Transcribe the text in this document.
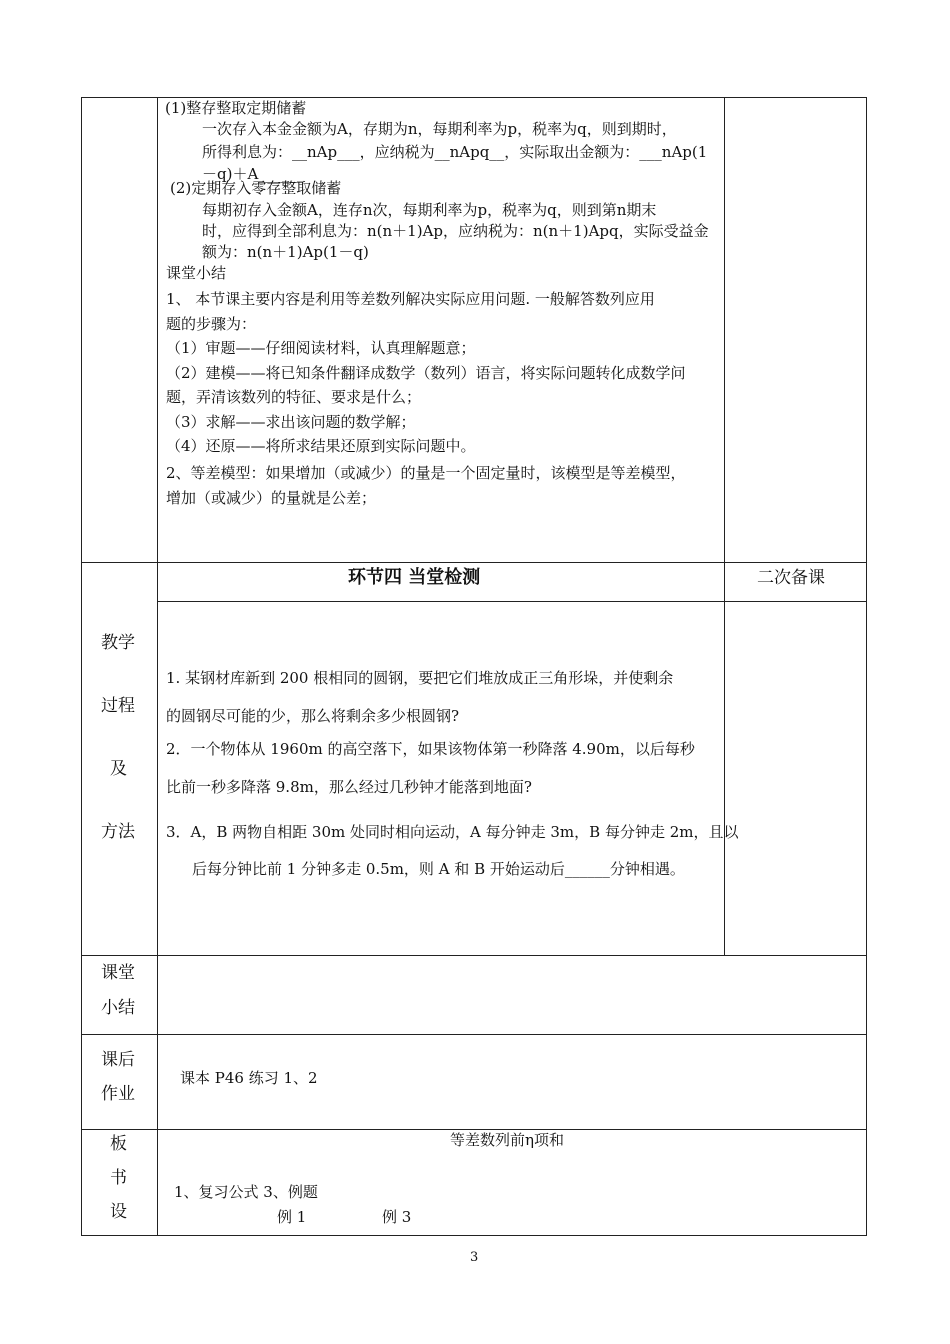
(1)整存整取定期储蓄
一次存入本金金额为A，存期为n，每期利率为p，税率为q，则到期时，
所得利息为：__nAp___，应纳税为__nApq__，实际取出金额为：___nAp(1
－q)＋A______
(2)定期存入零存整取储蓄
每期初存入金额A，连存n次，每期利率为p，税率为q，则到第n期末
时，应得到全部利息为：n(n＋1)Ap，应纳税为：n(n＋1)Apq，实际受益金
额为：n(n＋1)Ap(1－q)
课堂小结
1、 本节课主要内容是利用等差数列解决实际应用问题. 一般解答数列应用
题的步骤为：
（1）审题——仔细阅读材料，认真理解题意；
（2）建模——将已知条件翻译成数学（数列）语言，将实际问题转化成数学问
题，弄清该数列的特征、要求是什么；
（3）求解——求出该问题的数学解；
（4）还原——将所求结果还原到实际问题中。
2、等差模型：如果增加（或减少）的量是一个固定量时，该模型是等差模型，
增加（或减少）的量就是公差；
环节四 当堂检测	二次备课
教学
过程
及
方法
1. 某钢材库新到 200 根相同的圆钢，要把它们堆放成正三角形垛，并使剩余
的圆钢尽可能的少，那么将剩余多少根圆钢?
2．一个物体从 1960m 的高空落下，如果该物体第一秒降落 4.90m，以后每秒
比前一秒多降落 9.8m，那么经过几秒钟才能落到地面?
3．A，B 两物自相距 30m 处同时相向运动，A 每分钟走 3m，B 每分钟走 2m，且以
后每分钟比前 1 分钟多走 0.5m，则 A 和 B 开始运动后______分钟相遇。
课堂
小结
课后
作业
课本 P46 练习 1、2
板
书
设
等差数列前η项和
1、复习公式 3、例题
例 1	例 3
3
